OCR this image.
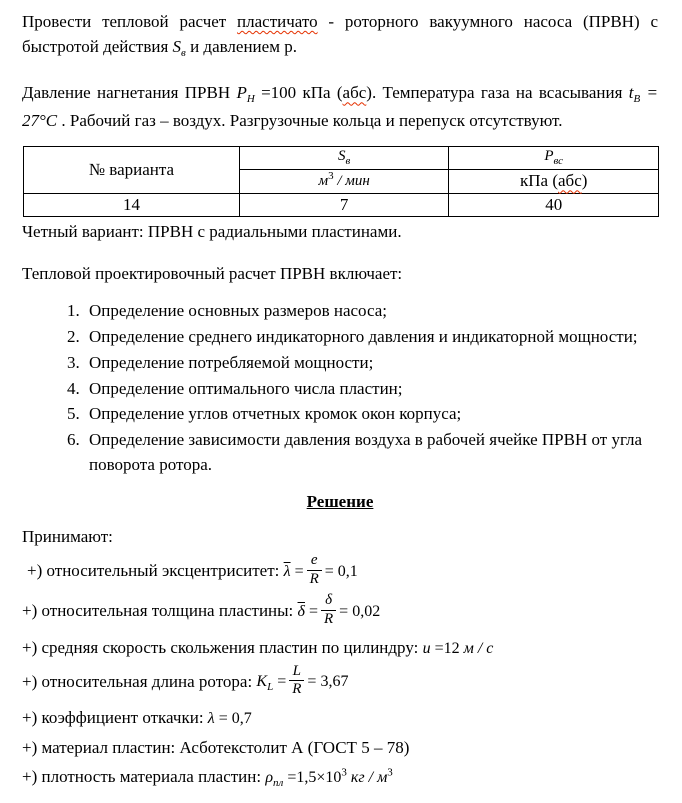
Провести тепловой расчет пластичато - роторного вакуумного насоса (ПРВН) с быстротой действия $S_в$ и давлением р.

Давление нагнетания ПРВН $P_Н =100$ кПа (абс). Температура газа на всасывания $t_В = 27^\circ C$ . Рабочий газ – воздух. Разгрузочные кольца и перепуск отсутствуют.

№ варианта	$S_в$	$P_{вс}$
	$м^3$ / мин	кПа (абс)
14	7	40

Четный вариант: ПРВН с радиальными пластинами.

Тепловой проектировочный расчет ПРВН включает:

1. Определение основных размеров насоса;
2. Определение среднего индикаторного давления и индикаторной мощности;
3. Определение потребляемой мощности;
4. Определение оптимального числа пластин;
5. Определение углов отчетных кромок окон корпуса;
6. Определение зависимости давления воздуха в рабочей ячейке ПРВН от угла поворота ротора.

Решение

Принимают:

+) относительный эксцентриситет: $\overline{\lambda} = \frac{e}{R} = 0,1$
+) относительная толщина пластины: $\overline{\delta} = \frac{\delta}{R} = 0,02$
+) средняя скорость скольжения пластин по цилиндру: u =12 м / с
+) относительная длина ротора: $K_L = \frac{L}{R} = 3,67$
+) коэффициент откачки: λ = 0,7
+) материал пластин: Асботекстолит А (ГОСТ 5 – 78)
+) плотность материала пластин: $\rho_{пл} =1,5\times 10^3$ кг / $м^3$
